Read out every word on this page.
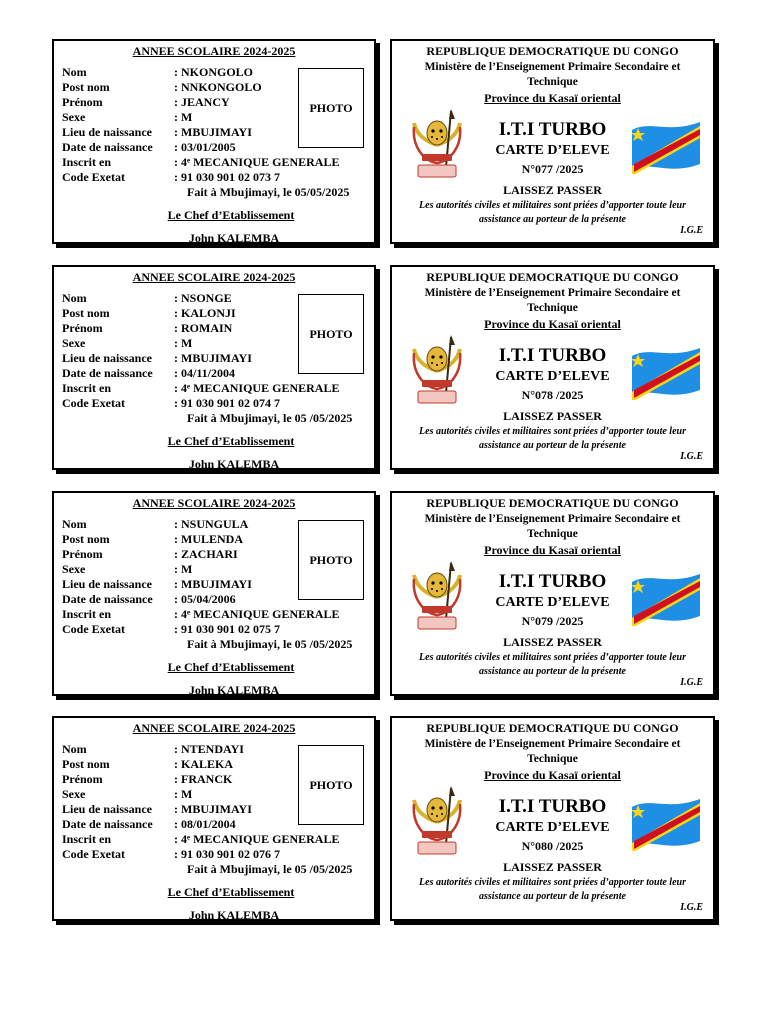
ANNEE SCOLAIRE 2024-2025
Nom	: NKONGOLO
Post nom	: NNKONGOLO
Prénom	: JEANCY
Sexe	: M
Lieu de naissance : MBUJIMAYI
Date de naissance : 03/01/2005
Inscrit en	: 4ᵉ MECANIQUE GENERALE
Code Exetat	: 91 030 901 02 073 7
PHOTO
Fait à Mbujimayi, le 05/05/2025
Le Chef d’Etablissement
John KALEMBA
REPUBLIQUE DEMOCRATIQUE DU CONGO
Ministère de l’Enseignement Primaire Secondaire et Technique
Province du Kasaï oriental
I.T.I TURBO
CARTE D’ELEVE
N°077 /2025
LAISSEZ PASSER
Les autorités civiles et militaires sont priées d’apporter toute leur assistance au porteur de la présente
I.G.E
ANNEE SCOLAIRE 2024-2025
Nom	: NSONGE
Post nom	: KALONJI
Prénom	: ROMAIN
Sexe	: M
Lieu de naissance : MBUJIMAYI
Date de naissance : 04/11/2004
Inscrit en	: 4ᵉ MECANIQUE GENERALE
Code Exetat	: 91 030 901 02 074 7
PHOTO
Fait à Mbujimayi, le 05 /05/2025
Le Chef d’Etablissement
John KALEMBA
REPUBLIQUE DEMOCRATIQUE DU CONGO
Ministère de l’Enseignement Primaire Secondaire et Technique
Province du Kasaï oriental
I.T.I TURBO
CARTE D’ELEVE
N°078 /2025
LAISSEZ PASSER
Les autorités civiles et militaires sont priées d’apporter toute leur assistance au porteur de la présente
I.G.E
ANNEE SCOLAIRE 2024-2025
Nom	: NSUNGULA
Post nom	: MULENDA
Prénom	: ZACHARI
Sexe	: M
Lieu de naissance : MBUJIMAYI
Date de naissance : 05/04/2006
Inscrit en	: 4ᵉ MECANIQUE GENERALE
Code Exetat	: 91 030 901 02 075 7
PHOTO
Fait à Mbujimayi, le 05 /05/2025
Le Chef d’Etablissement
John KALEMBA
REPUBLIQUE DEMOCRATIQUE DU CONGO
Ministère de l’Enseignement Primaire Secondaire et Technique
Province du Kasaï oriental
I.T.I TURBO
CARTE D’ELEVE
N°079 /2025
LAISSEZ PASSER
Les autorités civiles et militaires sont priées d’apporter toute leur assistance au porteur de la présente
I.G.E
ANNEE SCOLAIRE 2024-2025
Nom	: NTENDAYI
Post nom	: KALEKA
Prénom	: FRANCK
Sexe	: M
Lieu de naissance : MBUJIMAYI
Date de naissance : 08/01/2004
Inscrit en	: 4ᵉ MECANIQUE GENERALE
Code Exetat	: 91 030 901 02 076 7
PHOTO
Fait à Mbujimayi, le 05 /05/2025
Le Chef d’Etablissement
John KALEMBA
REPUBLIQUE DEMOCRATIQUE DU CONGO
Ministère de l’Enseignement Primaire Secondaire et Technique
Province du Kasaï oriental
I.T.I TURBO
CARTE D’ELEVE
N°080 /2025
LAISSEZ PASSER
Les autorités civiles et militaires sont priées d’apporter toute leur assistance au porteur de la présente
I.G.E
